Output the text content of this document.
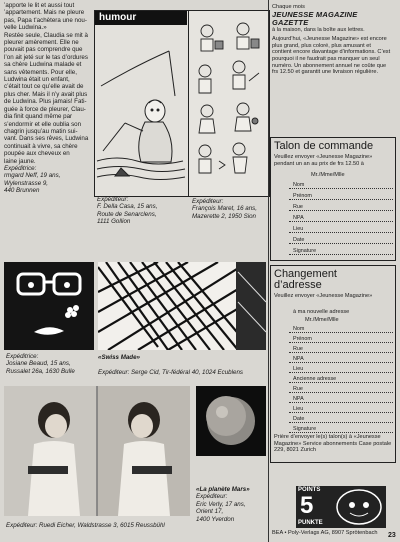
’apporte le lit et aussi tout

’appartement. Mais ne pleure

pas, Papa t’achètera une nou-

velle Ludwina.»

Restée seule, Claudia se mit à

pleurer amèrement. Elle ne

pouvait pas comprendre que

l’on ait jeté sur le tas d’ordures

sa chère Ludwina malade et

sans vêtements. Pour elle,

Ludwina était un enfant,

c’était tout ce qu’elle avait de

plus cher. Mais il n’y avait plus

de Ludwina. Plus jamais! Fati-

guée à force de pleurer, Clau-

dia finit quand même par

s’endormir et elle oublia son

chagrin jusqu’au matin sui-

vant. Dans ses rêves, Ludwina

continuait à vivre, sa chère

poupée aux cheveux en

laine jaune.

Expéditrice:
rmgard Neff, 19 ans,
Wylenstrasse 9,
440 Brunnen
humour
Expéditeur:
F. Della Casa, 15 ans,
Route de Senarclens,
1111 Gollion
Expéditeur:
François Maret, 16 ans,
Mazerette 2, 1950 Sion
Chaque mois
JEUNESSE MAGAZINE GAZETTE
à la maison, dans la boîte aux lettres.
Aujourd’hui, «Jeunesse Magazine» est encore plus grand, plus coloré, plus amusant et contient encore davantage d’informations. C’est pourquoi il ne faudrait pas manquer un seul numéro. Un abonnement annuel ne coûte que frs 12.50 et garantit une livraison régulière.
Talon de commande
Veuillez envoyer «Jeunesse Magazine» pendant un an au prix de frs 12.50 à
Mr./Mme/Mlle
Nom
Prénom
Rue
NPA
Lieu
Date
Signature
Changement
d’adresse
Veuillez envoyer «Jeunesse Magazine»
à ma nouvelle adresse
Mr./Mme/Mlle
Prière d’envoyer le(s) talon(s) à «Jeunesse Magazine» Service abonnements Case postale 229, 8021 Zurich
Nom
Prénom
Rue
NPA
Lieu
Ancienne adresse
Rue
NPA
Lieu
Date
Signature
Expéditrice:
Josiane Beaud, 15 ans,
Russalet 26a, 1630 Bulle
«Swiss Made»
Expéditeur: Serge Cid, Tir-fédéral 40, 1024 Ecublens
«La planète Mars»
Expéditeur:
Eric Verly, 17 ans,
Orient 17,
1400 Yverdon
Expéditeur: Ruedi Eicher, Waldstrasse 3, 6015 Reussbühl
POINTS
5
PUNKTE
BEA • Poly-Verlags AG, 8907 Sprötenbach	23
